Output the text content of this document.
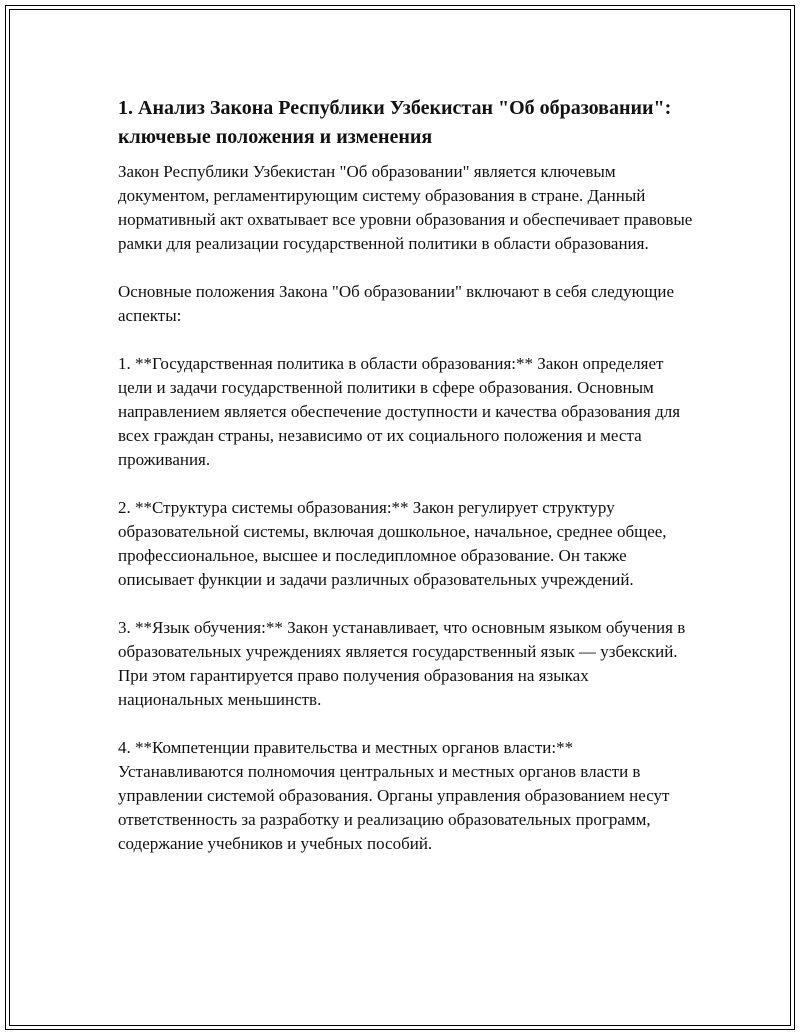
1. Анализ Закона Республики Узбекистан "Об образовании": ключевые положения и изменения

Закон Республики Узбекистан "Об образовании" является ключевым документом, регламентирующим систему образования в стране. Данный нормативный акт охватывает все уровни образования и обеспечивает правовые рамки для реализации государственной политики в области образования.

Основные положения Закона "Об образовании" включают в себя следующие аспекты:

1. **Государственная политика в области образования:** Закон определяет цели и задачи государственной политики в сфере образования. Основным направлением является обеспечение доступности и качества образования для всех граждан страны, независимо от их социального положения и места проживания.

2. **Структура системы образования:** Закон регулирует структуру образовательной системы, включая дошкольное, начальное, среднее общее, профессиональное, высшее и последипломное образование. Он также описывает функции и задачи различных образовательных учреждений.

3. **Язык обучения:** Закон устанавливает, что основным языком обучения в образовательных учреждениях является государственный язык — узбекский. При этом гарантируется право получения образования на языках национальных меньшинств.

4. **Компетенции правительства и местных органов власти:** Устанавливаются полномочия центральных и местных органов власти в управлении системой образования. Органы управления образованием несут ответственность за разработку и реализацию образовательных программ, содержание учебников и учебных пособий.
